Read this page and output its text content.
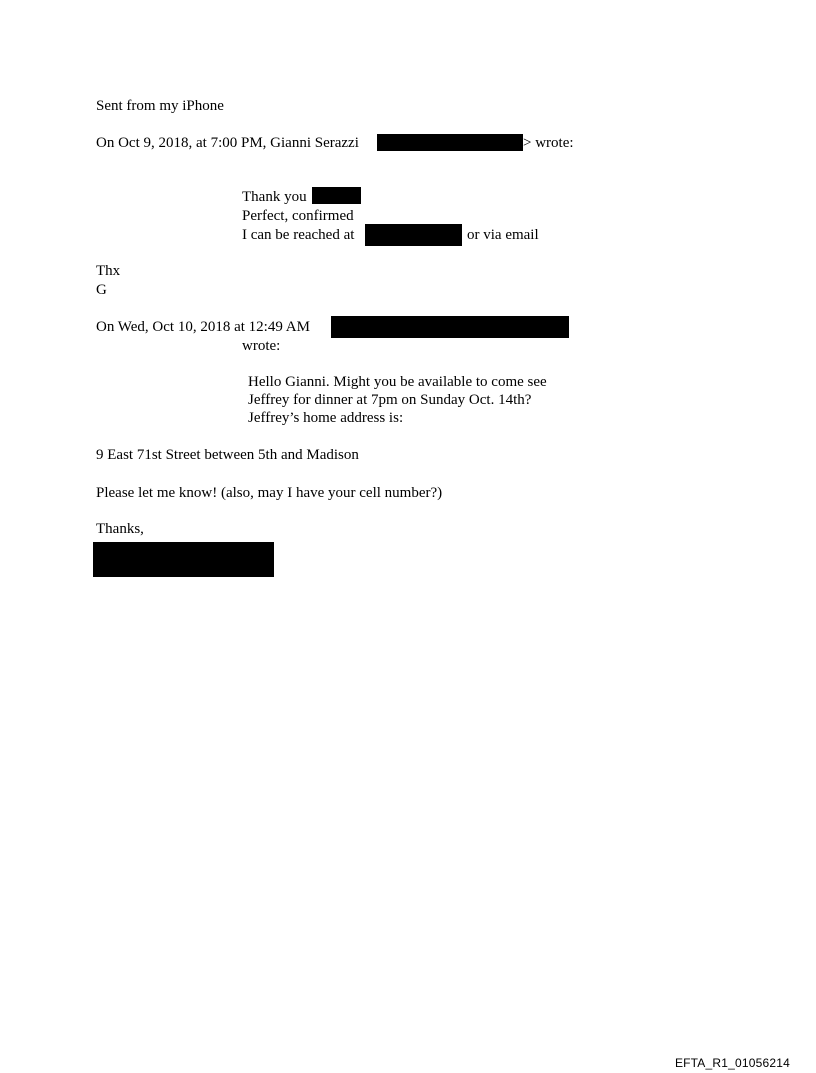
Sent from my iPhone
On Oct 9, 2018, at 7:00 PM, Gianni Serazzi	> wrote:
Thank you
Perfect, confirmed
I can be reached at	or via email
Thx
G
On Wed, Oct 10, 2018 at 12:49 AM
wrote:
Hello Gianni. Might you be available to come see
Jeffrey for dinner at 7pm on Sunday Oct. 14th?
Jeffrey’s home address is:
9 East 71st Street between 5th and Madison
Please let me know! (also, may I have your cell number?)
Thanks,
EFTA_R1_01056214
